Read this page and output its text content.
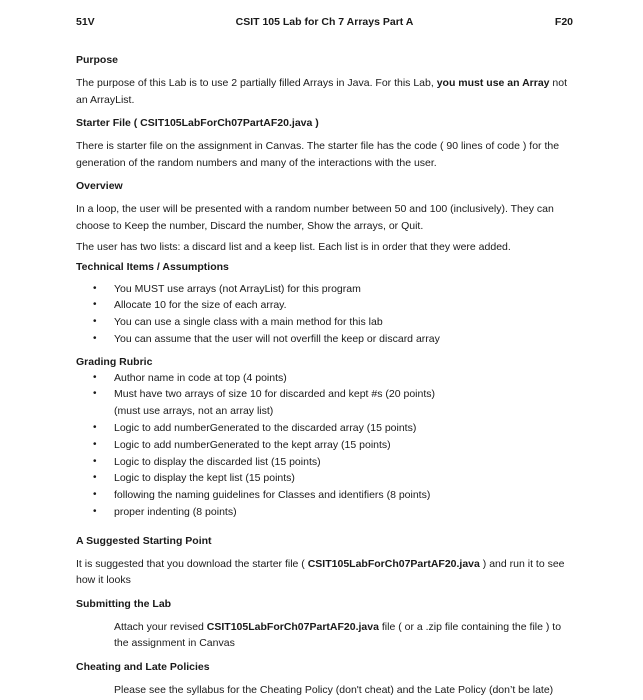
51V	CSIT 105 Lab for Ch 7 Arrays Part A	F20
Purpose

The purpose of this Lab is to use 2 partially filled Arrays in Java. For this Lab, you must use an Array not an ArrayList.

Starter File ( CSIT105LabForCh07PartAF20.java )

There is starter file on the assignment in Canvas. The starter file has the code ( 90 lines of code ) for the generation of the random numbers and many of the interactions with the user.

Overview

In a loop, the user will be presented with a random number between 50 and 100 (inclusively). They can choose to Keep the number, Discard the number, Show the arrays, or Quit.

The user has two lists: a discard list and a keep list. Each list is in order that they were added.

Technical Items / Assumptions
• You MUST use arrays (not ArrayList) for this program
• Allocate 10 for the size of each array.
• You can use a single class with a main method for this lab
• You can assume that the user will not overfill the keep or discard array
Grading Rubric
• Author name in code at top (4 points)
• Must have two arrays of size 10 for discarded and kept #s (20 points)
(must use arrays, not an array list)
• Logic to add numberGenerated to the discarded array (15 points)
• Logic to add numberGenerated to the kept array (15 points)
• Logic to display the discarded list (15 points)
• Logic to display the kept list (15 points)
• following the naming guidelines for Classes and identifiers (8 points)
• proper indenting (8 points)
A Suggested Starting Point

It is suggested that you download the starter file ( CSIT105LabForCh07PartAF20.java ) and run it to see how it looks

Submitting the Lab

Attach your revised CSIT105LabForCh07PartAF20.java file ( or a .zip file containing the file ) to the assignment in Canvas

Cheating and Late Policies

Please see the syllabus for the Cheating Policy (don't cheat) and the Late Policy (don’t be late)
